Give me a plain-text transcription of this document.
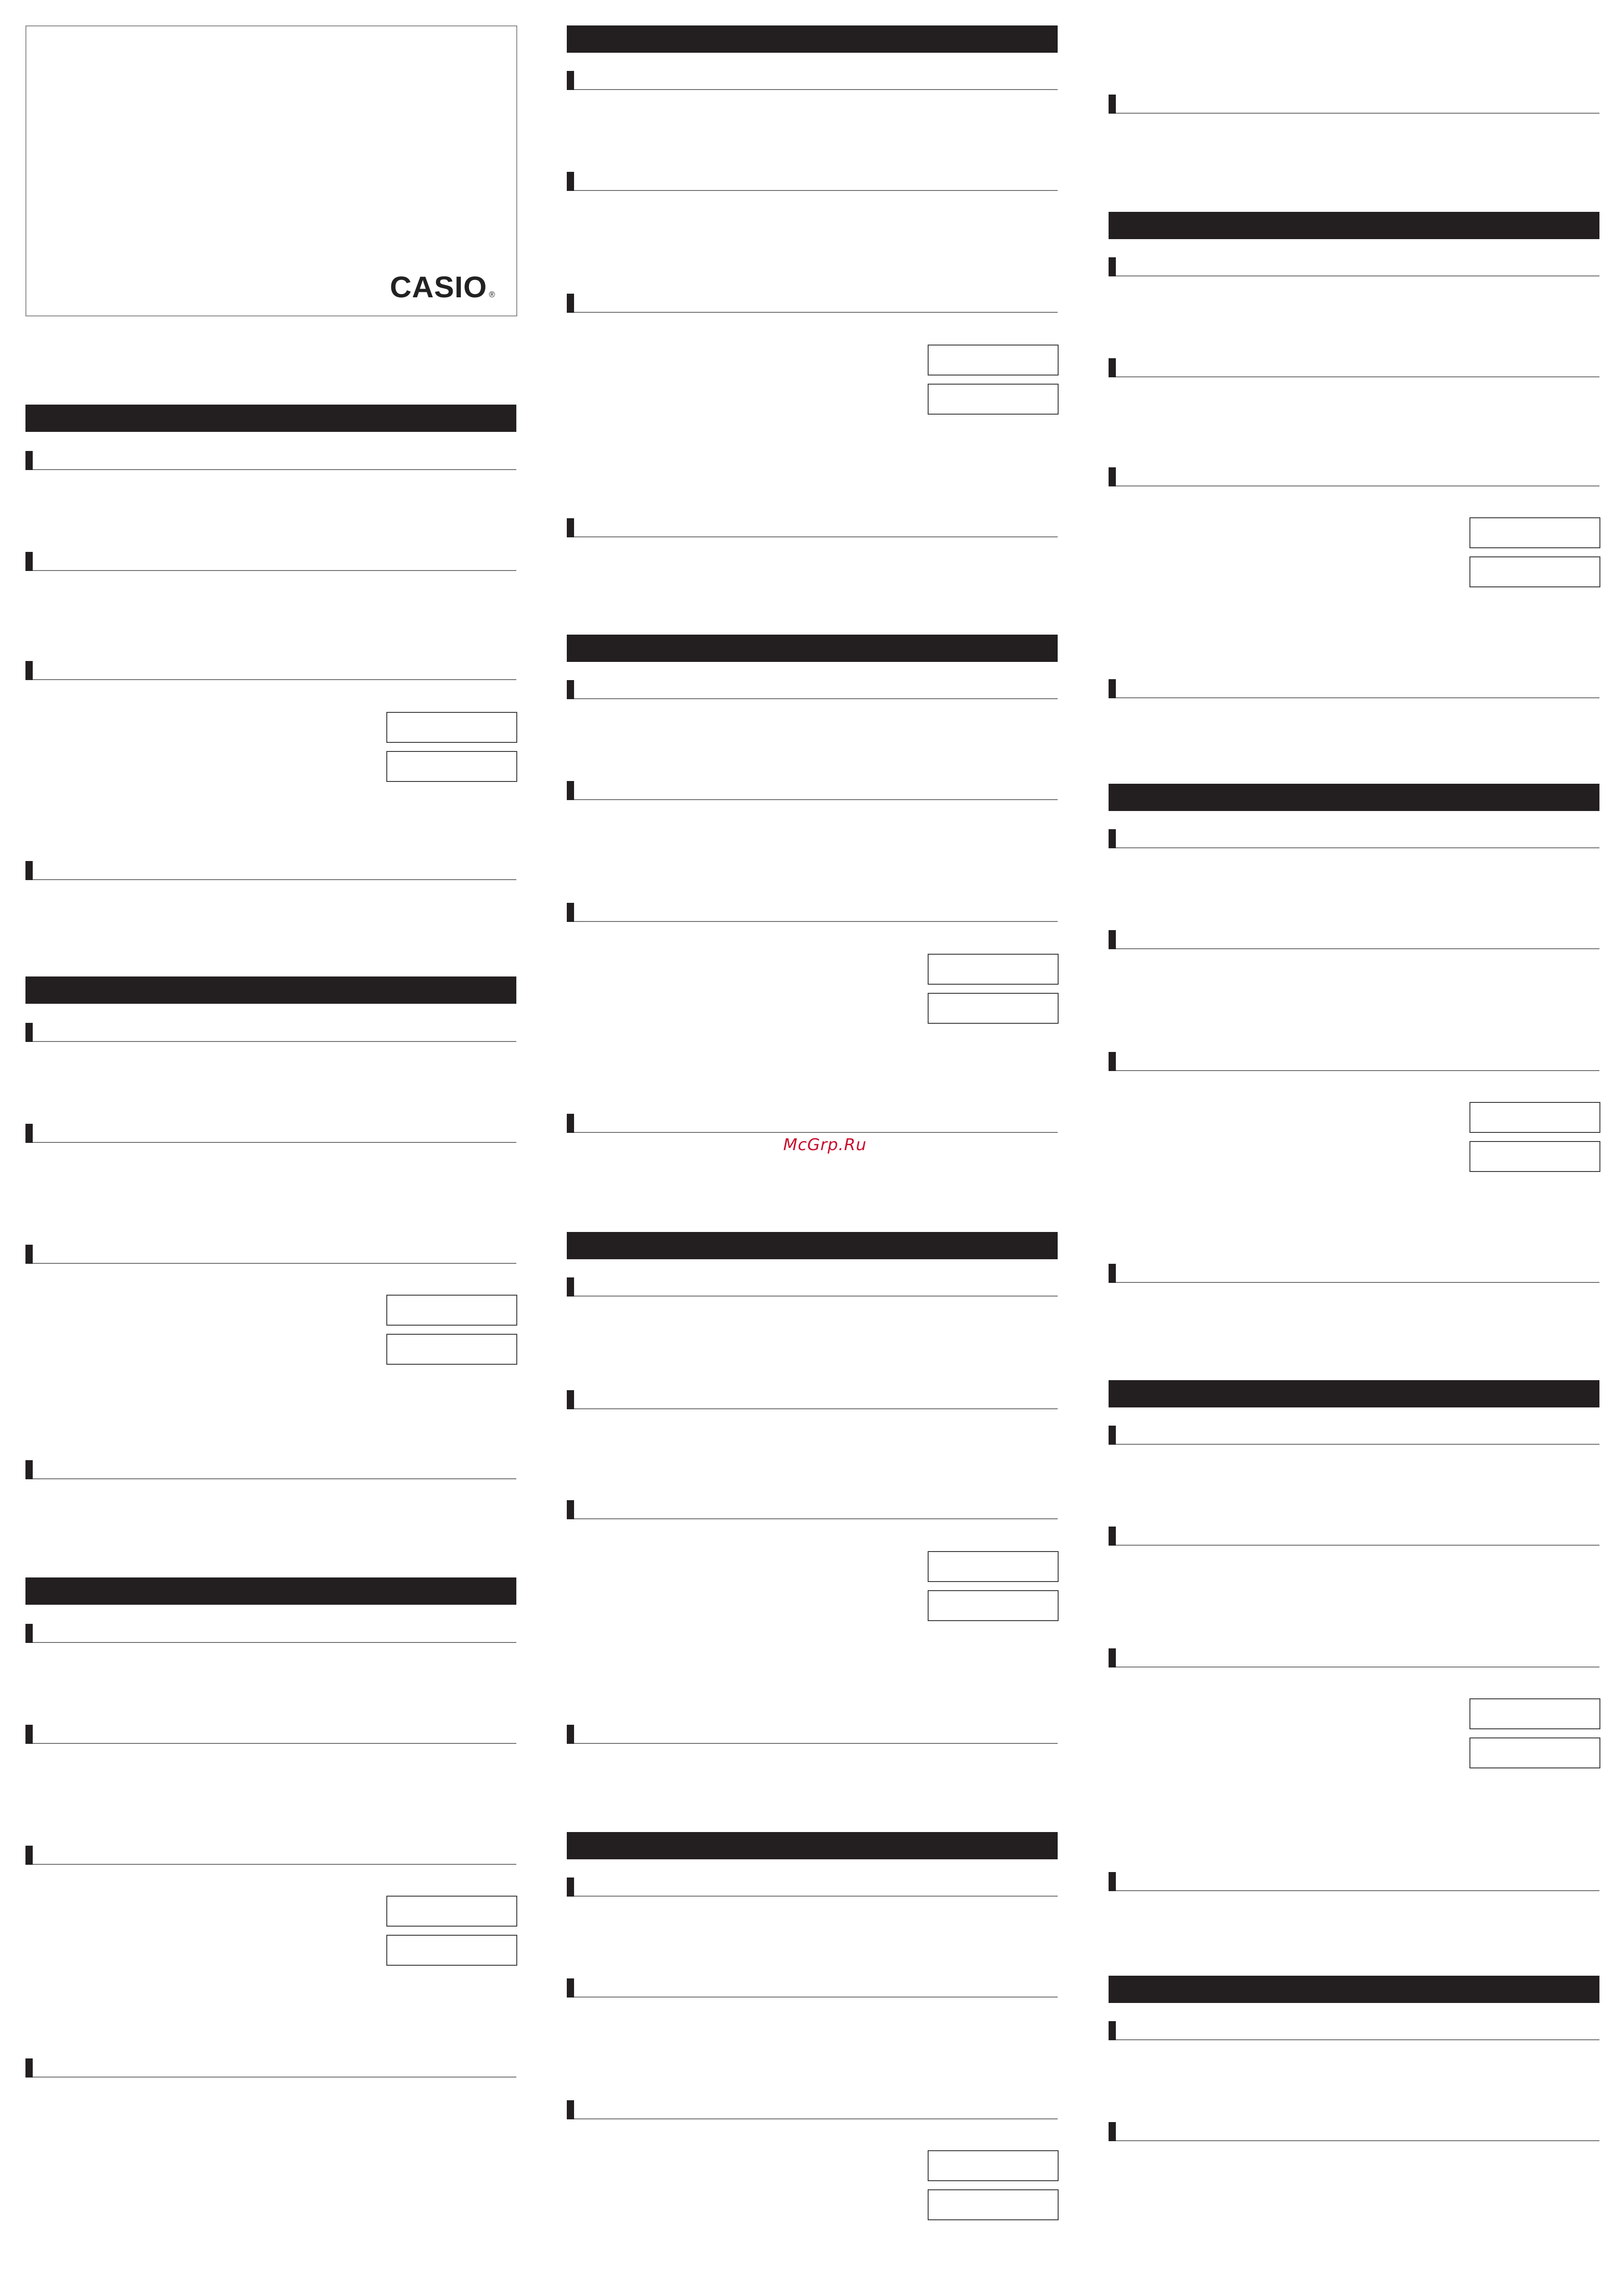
CASIO ®
McGrp.Ru
